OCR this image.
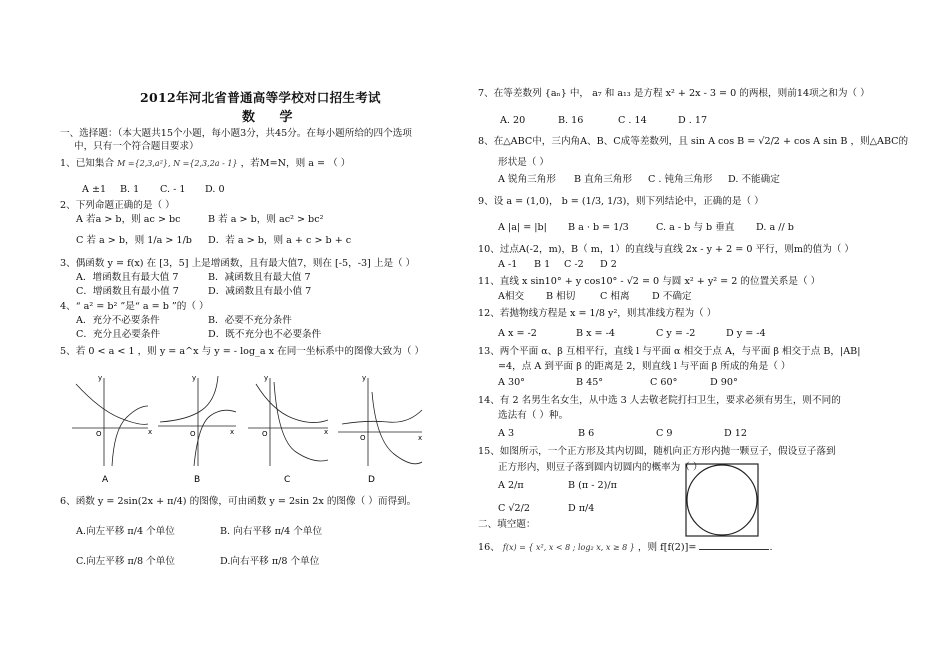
2012年河北省普通高等学校对口招生考试
数 学
一、选择题：（本大题共15个小题，每小题3分，共45分。在每小题所给的四个选项
中，只有一个符合题目要求）
1、已知集合 M ={2,3,a²}, N ={2,3,2a - 1} ，若M=N，则 a = （ ）
A ±1 B. 1 C. - 1 D. 0
2、下列命题正确的是（ ）
A 若a > b，则 ac > bc	B 若 a > b，则 ac² > bc²
C 若 a > b，则 1/a > 1/b D．若 a > b，则 a + c > b + c
3、偶函数 y = f(x) 在 [3，5] 上是增函数，且有最大值7，则在 [-5，-3] 上是（ ）
A．增函数且有最大值 7	B．减函数且有最大值 7
C．增函数且有最小值 7	D．减函数且有最小值 7
4、“ a² = b² ”是“ a = b ”的（ ）
A．充分不必要条件	B．必要不充分条件
C．充分且必要条件	D．既不充分也不必要条件
5、若 0 < a < 1 ，则 y = a^x 与 y = - log_a x 在同一坐标系中的图像大致为（ ）
y
x
O
A
y
x
O
B
y
x
O
C
y
x
O
D
6、函数 y = 2sin(2x + π/4) 的图像，可由函数 y = 2sin 2x 的图像（ ）而得到。
A.向左平移 π/4 个单位	B. 向右平移 π/4 个单位
C.向左平移 π/8 个单位	D.向右平移 π/8 个单位
7、在等差数列 {aₙ} 中， a₇ 和 a₁₃ 是方程 x² + 2x - 3 = 0 的两根，则前14项之和为（ ）
A. 20	B. 16	C . 14	D . 17
8、在△ABC中，三内角A、B、C成等差数列，且 sin A cos B = √2/2 + cos A sin B ，则△ABC的
形状是（ ）
A 锐角三角形 B 直角三角形 C . 钝角三角形 D. 不能确定
9、设 a = (1,0)， b = (1/3, 1/3)，则下列结论中，正确的是（ ）
A |a| = |b| B a · b = 1/3	C. a - b 与 b 垂直 D. a // b
10、过点A(-2，m)，B（ m，1）的直线与直线 2x - y + 2 = 0 平行，则m的值为（ ）
A -1 B 1 C -2 D 2
11、直线 x sin10° + y cos10° - √2 = 0 与圆 x² + y² = 2 的位置关系是（ ）
A相交 B 相切	C 相离 D 不确定
12、若抛物线方程是 x = 1/8 y²，则其准线方程为（ ）
A x = -2	B x = -4	C y = -2	D y = -4
13、两个平面 α、β 互相平行，直线 l 与平面 α 相交于点 A，与平面 β 相交于点 B，|AB|
=4，点 A 到平面 β 的距离是 2，则直线 l 与平面 β 所成的角是（ ）
A 30°	B 45°	C 60°	D 90°
14、有 2 名男生名女生，从中选 3 人去敬老院打扫卫生，要求必须有男生，则不同的
选法有（ ）种。
A 3	B 6	C 9	D 12
15、如图所示，一个正方形及其内切圆，随机向正方形内抛一颗豆子，假设豆子落到
正方形内，则豆子落到圆内切圆内的概率为（ ）
A 2/π	B (π - 2)/π
C √2/2	D π/4
二、填空题：
16、 f(x) = { x², x < 8 ; log₂ x, x ≥ 8 } ，则 f[f(2)]=	.
